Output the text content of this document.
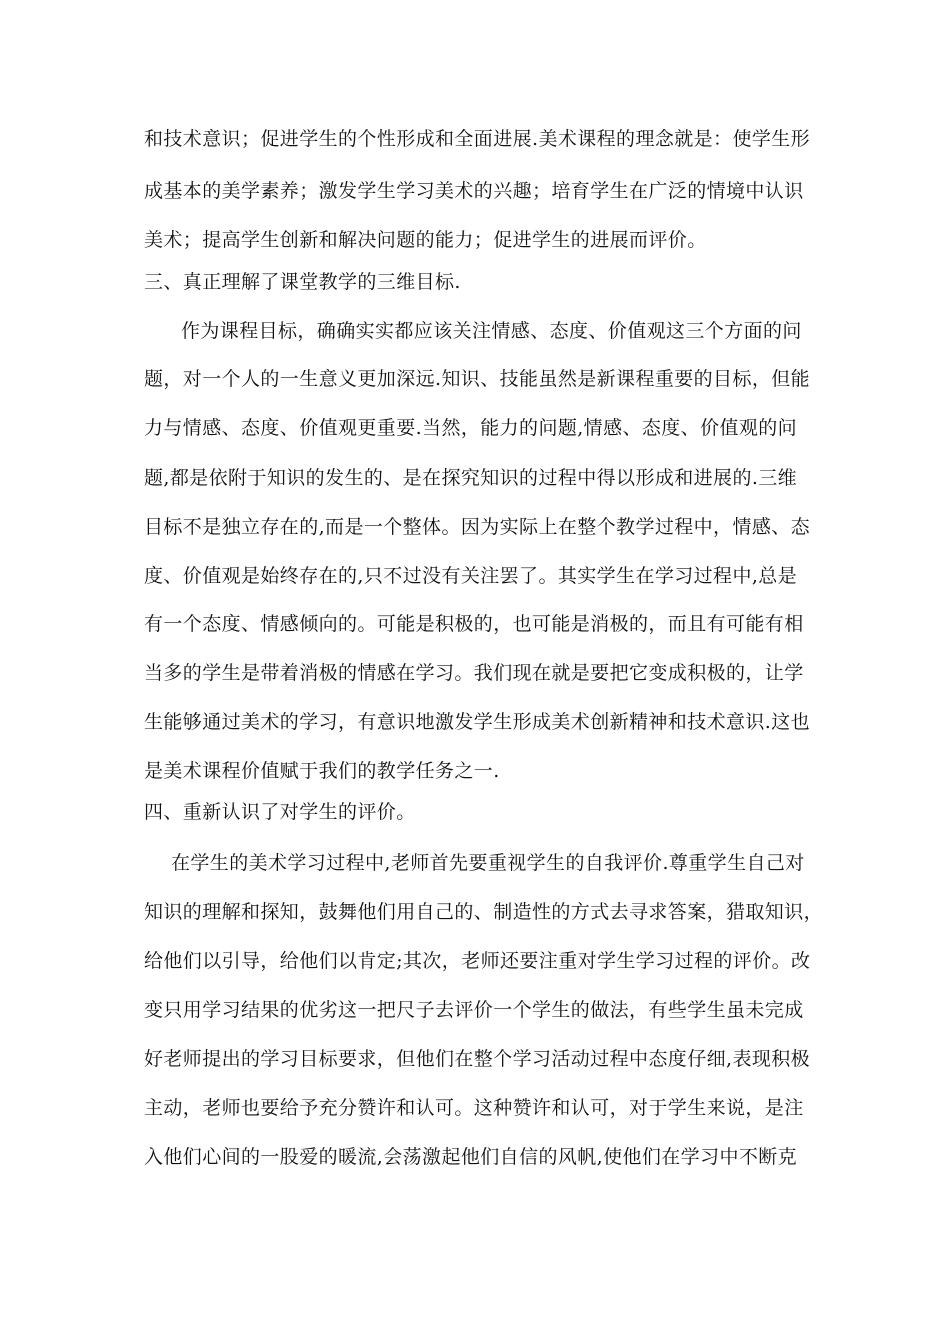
和技术意识；促进学生的个性形成和全面进展.美术课程的理念就是：使学生形
成基本的美学素养；激发学生学习美术的兴趣；培育学生在广泛的情境中认识
美术；提高学生创新和解决问题的能力；促进学生的进展而评价。
三、真正理解了课堂教学的三维目标.
作为课程目标，确确实实都应该关注情感、态度、价值观这三个方面的问
题，对一个人的一生意义更加深远.知识、技能虽然是新课程重要的目标，但能
力与情感、态度、价值观更重要.当然，能力的问题,情感、态度、价值观的问
题,都是依附于知识的发生的、是在探究知识的过程中得以形成和进展的.三维
目标不是独立存在的,而是一个整体。因为实际上在整个教学过程中，情感、态
度、价值观是始终存在的,只不过没有关注罢了。其实学生在学习过程中,总是
有一个态度、情感倾向的。可能是积极的，也可能是消极的，而且有可能有相
当多的学生是带着消极的情感在学习。我们现在就是要把它变成积极的，让学
生能够通过美术的学习，有意识地激发学生形成美术创新精神和技术意识.这也
是美术课程价值赋于我们的教学任务之一.
四、重新认识了对学生的评价。
在学生的美术学习过程中,老师首先要重视学生的自我评价.尊重学生自己对
知识的理解和探知，鼓舞他们用自己的、制造性的方式去寻求答案，猎取知识，
给他们以引导，给他们以肯定;其次，老师还要注重对学生学习过程的评价。改
变只用学习结果的优劣这一把尺子去评价一个学生的做法，有些学生虽未完成
好老师提出的学习目标要求，但他们在整个学习活动过程中态度仔细,表现积极
主动，老师也要给予充分赞许和认可。这种赞许和认可，对于学生来说，是注
入他们心间的一股爱的暖流,会荡激起他们自信的风帆,使他们在学习中不断克
